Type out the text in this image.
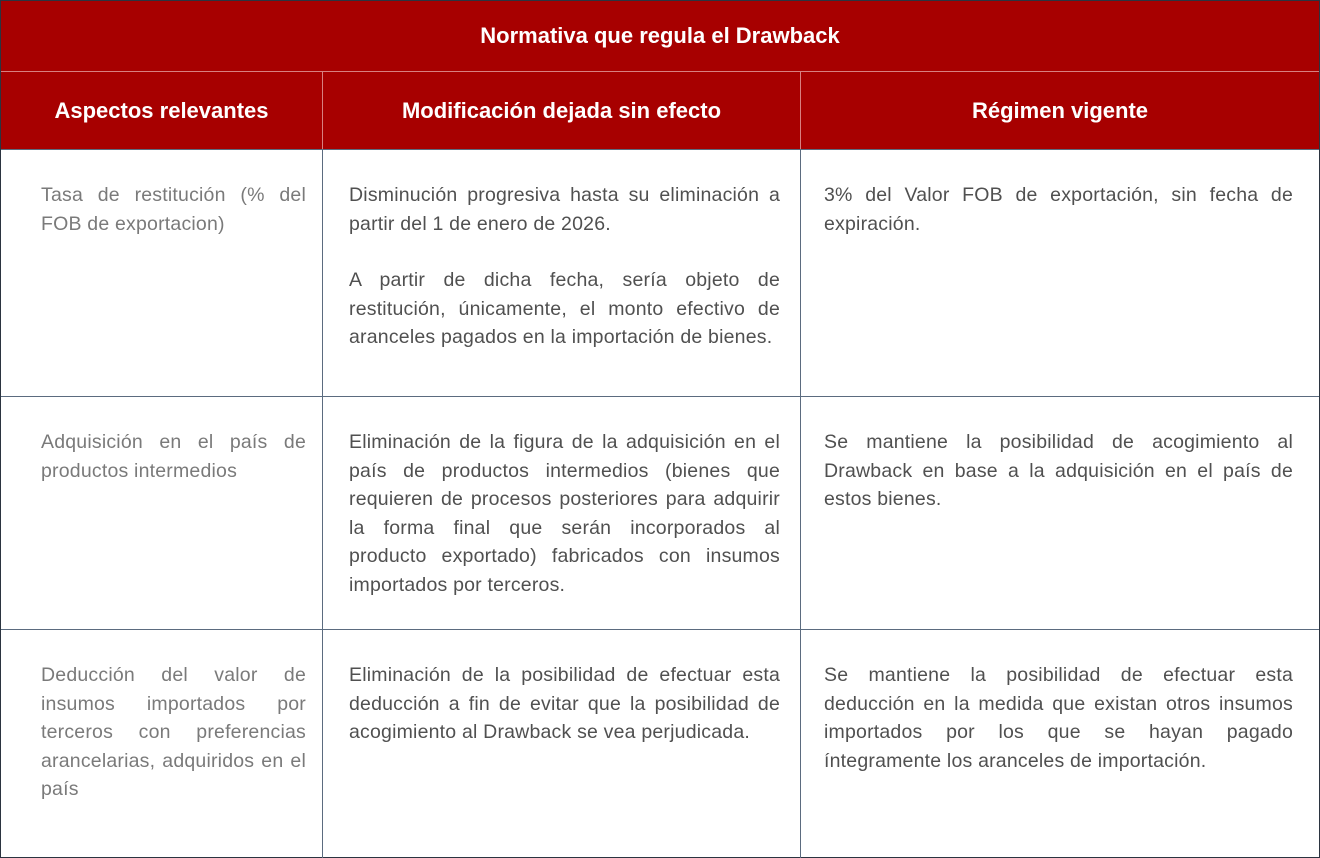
Normativa que regula el Drawback
Aspectos relevantes	Modificación dejada sin efecto	Régimen vigente

Tasa de restitución (% del FOB de exportacion)

Disminución progresiva hasta su eliminación a partir del 1 de enero de 2026.

A partir de dicha fecha, sería objeto de restitución, únicamente, el monto efectivo de aranceles pagados en la importación de bienes.

3% del Valor FOB de exportación, sin fecha de expiración.

Adquisición en el país de productos intermedios

Eliminación de la figura de la adquisición en el país de productos intermedios (bienes que requieren de procesos posteriores para adquirir la forma final que serán incorporados al producto exportado) fabricados con insumos importados por terceros.

Se mantiene la posibilidad de acogimiento al Drawback en base a la adquisición en el país de estos bienes.

Deducción del valor de insumos importados por terceros con preferencias arancelarias, adquiridos en el país

Eliminación de la posibilidad de efectuar esta deducción a fin de evitar que la posibilidad de acogimiento al Drawback se vea perjudicada.

Se mantiene la posibilidad de efectuar esta deducción en la medida que existan otros insumos importados por los que se hayan pagado íntegramente los aranceles de importación.
